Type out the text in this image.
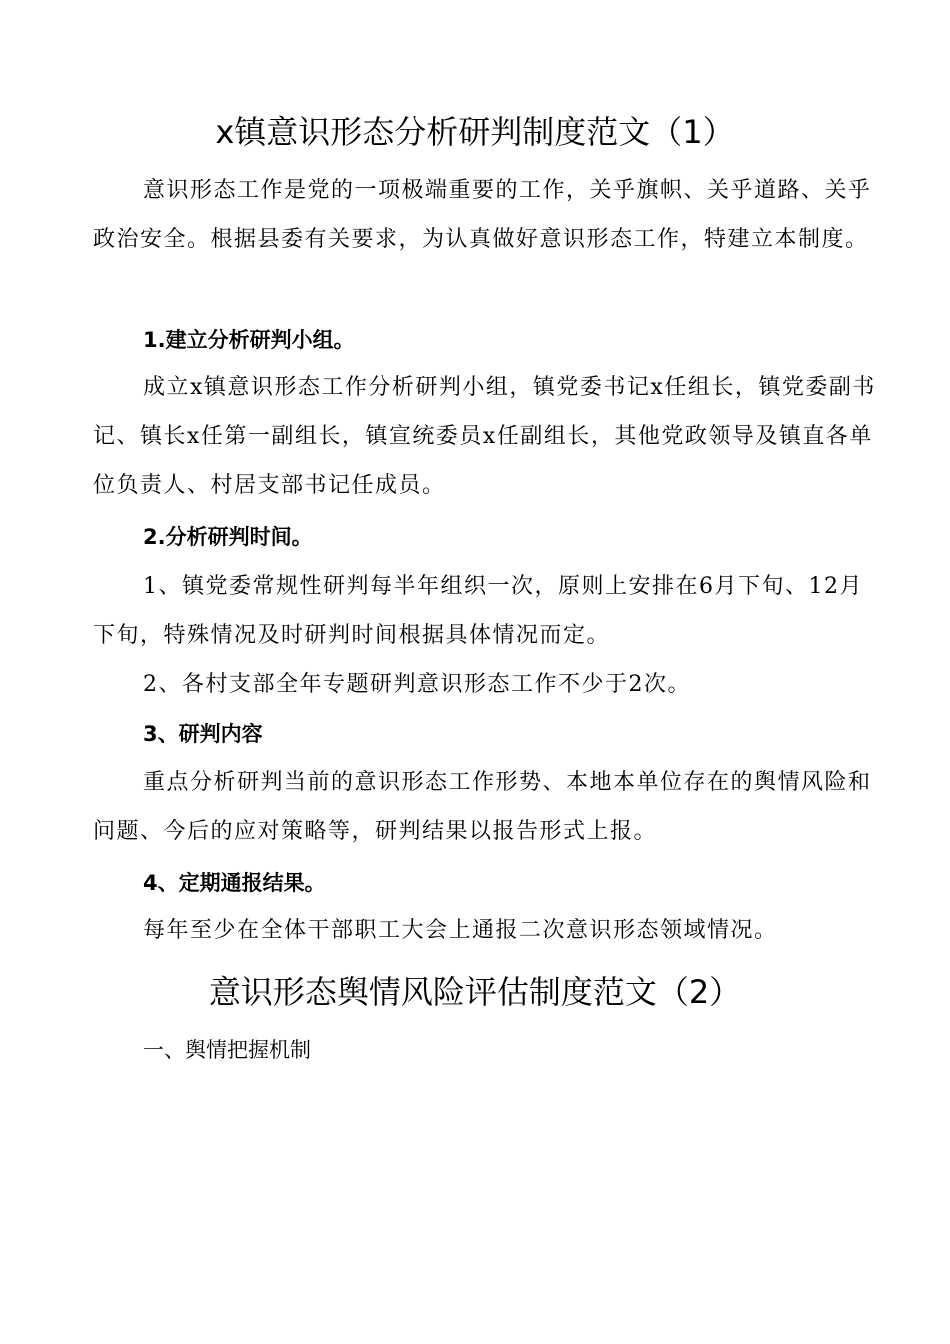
x镇意识形态分析研判制度范文（1）
意识形态工作是党的一项极端重要的工作，关乎旗帜、关乎道路、关乎政治安全。根据县委有关要求，为认真做好意识形态工作，特建立本制度。
1.建立分析研判小组。
成立x镇意识形态工作分析研判小组，镇党委书记x任组长，镇党委副书记、镇长x任第一副组长，镇宣统委员x任副组长，其他党政领导及镇直各单位负责人、村居支部书记任成员。
2.分析研判时间。
1、镇党委常规性研判每半年组织一次，原则上安排在6月下旬、12月下旬，特殊情况及时研判时间根据具体情况而定。
2、各村支部全年专题研判意识形态工作不少于2次。
3、研判内容
重点分析研判当前的意识形态工作形势、本地本单位存在的舆情风险和问题、今后的应对策略等，研判结果以报告形式上报。
4、定期通报结果。
每年至少在全体干部职工大会上通报二次意识形态领域情况。
意识形态舆情风险评估制度范文（2）
一、舆情把握机制
